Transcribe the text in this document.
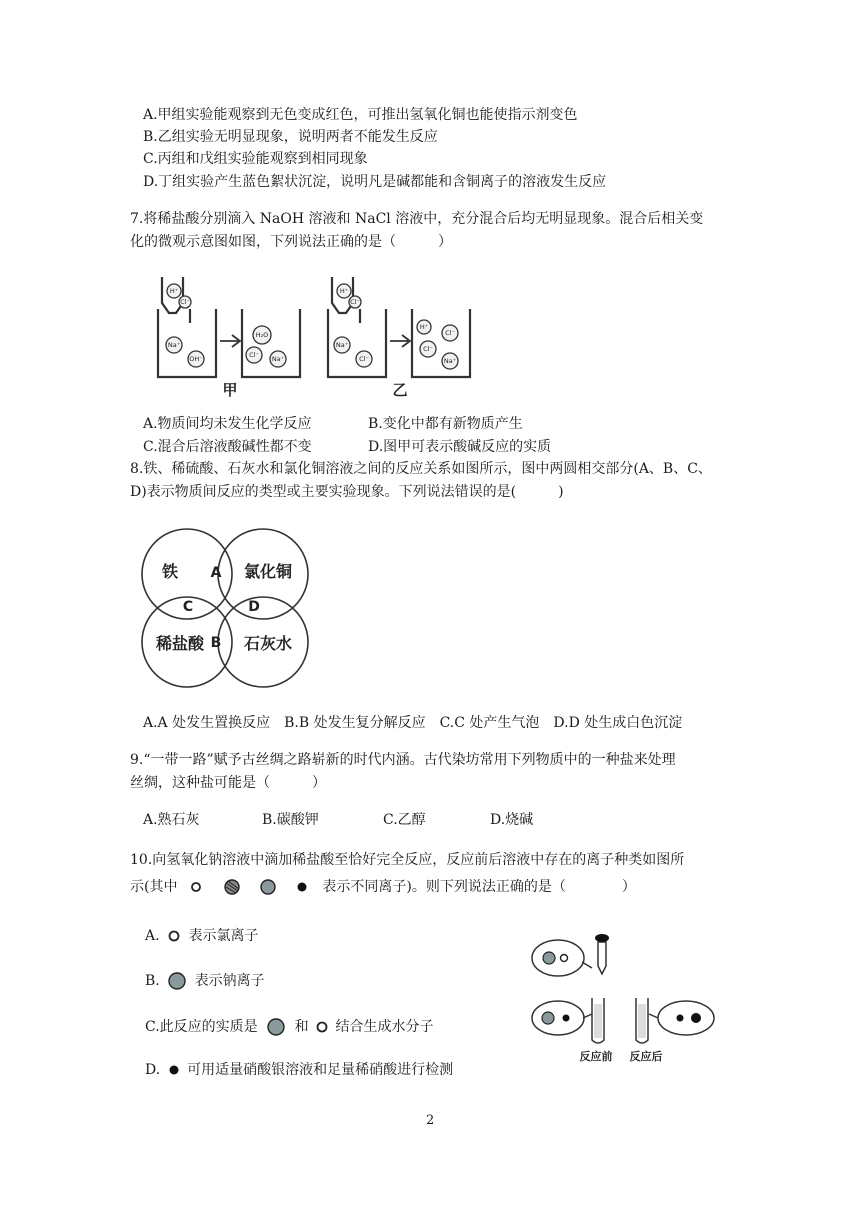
A.甲组实验能观察到无色变成红色，可推出氢氧化铜也能使指示剂变色
B.乙组实验无明显现象，说明两者不能发生反应
C.丙组和戊组实验能观察到相同现象
D.丁组实验产生蓝色絮状沉淀，说明凡是碱都能和含铜离子的溶液发生反应
7.将稀盐酸分别滴入 NaOH 溶液和 NaCl 溶液中，充分混合后均无明显现象。混合后相关变
化的微观示意图如图，下列说法正确的是（　　　）
H⁺
Cl⁻
Na⁺
OH⁻
H₂O
Cl⁻ Na⁺
H⁺
Cl⁻
Na⁺
Cl⁻
H⁺
Cl⁻
Cl⁻
Na⁺
甲	乙
A.物质间均未发生化学反应	B.变化中都有新物质产生
C.混合后溶液酸碱性都不变	D.图甲可表示酸碱反应的实质
8.铁、稀硫酸、石灰水和氯化铜溶液之间的反应关系如图所示，图中两圆相交部分(A、B、C、
D)表示物质间反应的类型或主要实验现象。下列说法错误的是(　　　)
铁	氯化铜
稀盐酸 石灰水
A
B
C	D
A.A 处发生置换反应　B.B 处发生复分解反应　C.C 处产生气泡　D.D 处生成白色沉淀
9.“一带一路”赋予古丝绸之路崭新的时代内涵。古代染坊常用下列物质中的一种盐来处理
丝绸，这种盐可能是（　　　）
A.熟石灰	B.碳酸钾	C.乙醇	D.烧碱
10.向氢氧化钠溶液中滴加稀盐酸至恰好完全反应，反应前后溶液中存在的离子种类如图所
示(其中	表示不同离子)。则下列说法正确的是（　　　　）
A. 表示氯离子
B. 表示钠离子
C.此反应的实质是	和 结合生成水分子
D. 可用适量硝酸银溶液和足量稀硝酸进行检测
反应前 反应后
2
